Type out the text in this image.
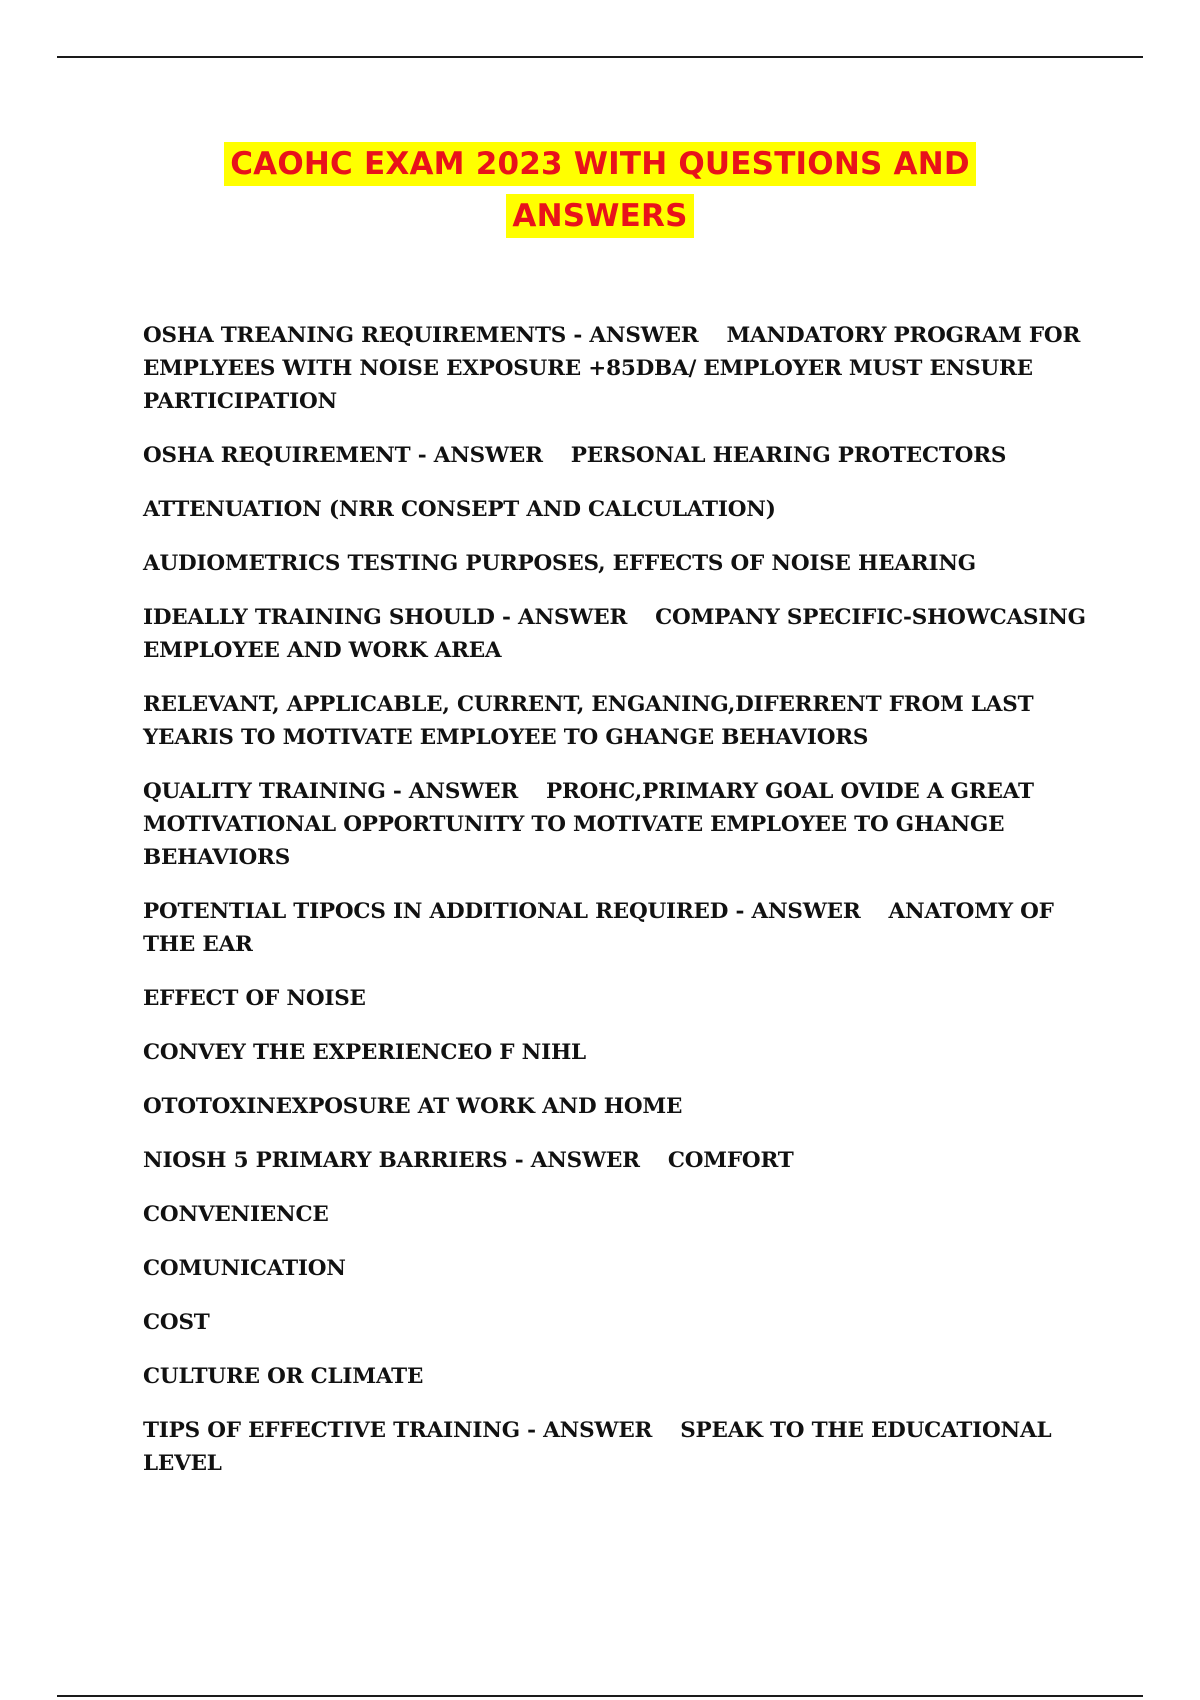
CAOHC EXAM 2023 WITH QUESTIONS AND
ANSWERS

OSHA TREANING REQUIREMENTS - ANSWER MANDATORY PROGRAM FOR EMPLYEES WITH NOISE EXPOSURE +85DBA/ EMPLOYER MUST ENSURE PARTICIPATION

OSHA REQUIREMENT - ANSWER PERSONAL HEARING PROTECTORS

ATTENUATION (NRR CONSEPT AND CALCULATION)

AUDIOMETRICS TESTING PURPOSES, EFFECTS OF NOISE HEARING

IDEALLY TRAINING SHOULD - ANSWER COMPANY SPECIFIC-SHOWCASING EMPLOYEE AND WORK AREA

RELEVANT, APPLICABLE, CURRENT, ENGANING,DIFERRENT FROM LAST YEARIS TO MOTIVATE EMPLOYEE TO GHANGE BEHAVIORS

QUALITY TRAINING - ANSWER PROHC,PRIMARY GOAL OVIDE A GREAT MOTIVATIONAL OPPORTUNITY TO MOTIVATE EMPLOYEE TO GHANGE BEHAVIORS

POTENTIAL TIPOCS IN ADDITIONAL REQUIRED - ANSWER ANATOMY OF THE EAR

EFFECT OF NOISE

CONVEY THE EXPERIENCEO F NIHL

OTOTOXINEXPOSURE AT WORK AND HOME

NIOSH 5 PRIMARY BARRIERS - ANSWER COMFORT

CONVENIENCE

COMUNICATION

COST

CULTURE OR CLIMATE

TIPS OF EFFECTIVE TRAINING - ANSWER SPEAK TO THE EDUCATIONAL LEVEL
